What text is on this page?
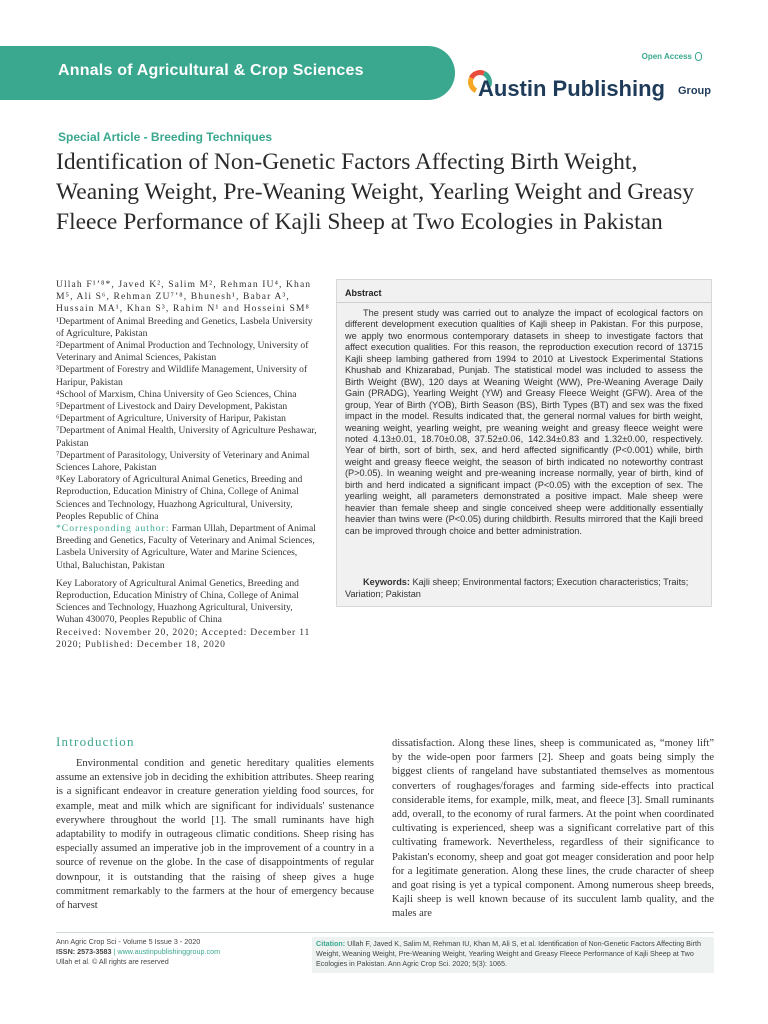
Annals of Agricultural & Crop Sciences
Open Access
Austin Publishing Group
Special Article - Breeding Techniques
Identification of Non-Genetic Factors Affecting Birth Weight, Weaning Weight, Pre-Weaning Weight, Yearling Weight and Greasy Fleece Performance of Kajli Sheep at Two Ecologies in Pakistan

Ullah F¹ʼ⁸*, Javed K², Salim M², Rehman IU⁴, Khan M⁵, Ali S⁶, Rehman ZU⁷ʼ⁸, Bhunesh¹, Babar A³, Hussain MA¹, Khan S³, Rahim N¹ and Hosseini SM⁸

¹Department of Animal Breeding and Genetics, Lasbela University of Agriculture, Pakistan

²Department of Animal Production and Technology, University of Veterinary and Animal Sciences, Pakistan

³Department of Forestry and Wildlife Management, University of Haripur, Pakistan

⁴School of Marxism, China University of Geo Sciences, China

⁵Department of Livestock and Dairy Development, Pakistan

⁶Department of Agriculture, University of Haripur, Pakistan

⁷Department of Animal Health, University of Agriculture Peshawar, Pakistan

⁷Department of Parasitology, University of Veterinary and Animal Sciences Lahore, Pakistan

⁸Key Laboratory of Agricultural Animal Genetics, Breeding and Reproduction, Education Ministry of China, College of Animal Sciences and Technology, Huazhong Agricultural, University, Peoples Republic of China

*Corresponding author: Farman Ullah, Department of Animal Breeding and Genetics, Faculty of Veterinary and Animal Sciences, Lasbela University of Agriculture, Water and Marine Sciences, Uthal, Baluchistan, Pakistan

Key Laboratory of Agricultural Animal Genetics, Breeding and Reproduction, Education Ministry of China, College of Animal Sciences and Technology, Huazhong Agricultural, University, Wuhan 430070, Peoples Republic of China

Received: November 20, 2020; Accepted: December 11 2020; Published: December 18, 2020

Abstract
The present study was carried out to analyze the impact of ecological factors on different development execution qualities of Kajli sheep in Pakistan. For this purpose, we apply two enormous contemporary datasets in sheep to investigate factors that affect execution qualities. For this reason, the reproduction execution record of 13715 Kajli sheep lambing gathered from 1994 to 2010 at Livestock Experimental Stations Khushab and Khizarabad, Punjab. The statistical model was included to assess the Birth Weight (BW), 120 days at Weaning Weight (WW), Pre-Weaning Average Daily Gain (PRADG), Yearling Weight (YW) and Greasy Fleece Weight (GFW). Area of the group, Year of Birth (YOB), Birth Season (BS), Birth Types (BT) and sex was the fixed impact in the model. Results indicated that, the general normal values for birth weight, weaning weight, yearling weight, pre weaning weight and greasy fleece weight were noted 4.13±0.01, 18.70±0.08, 37.52±0.06, 142.34±0.83 and 1.32±0.00, respectively. Year of birth, sort of birth, sex, and herd affected significantly (P<0.001) while, birth weight and greasy fleece weight, the season of birth indicated no noteworthy contrast (P>0.05). In weaning weight and pre-weaning increase normally, year of birth, kind of birth and herd indicated a significant impact (P<0.05) with the exception of sex. The yearling weight, all parameters demonstrated a positive impact. Male sheep were heavier than female sheep and single conceived sheep were additionally essentially heavier than twins were (P<0.05) during childbirth. Results mirrored that the Kajli breed can be improved through choice and better administration.
Keywords: Kajli sheep; Environmental factors; Execution characteristics; Traits; Variation; Pakistan
Introduction
Environmental condition and genetic hereditary qualities elements assume an extensive job in deciding the exhibition attributes. Sheep rearing is a significant endeavor in creature generation yielding food sources, for example, meat and milk which are significant for individuals' sustenance everywhere throughout the world [1]. The small ruminants have high adaptability to modify in outrageous climatic conditions. Sheep rising has especially assumed an imperative job in the improvement of a country in a source of revenue on the globe. In the case of disappointments of regular downpour, it is outstanding that the raising of sheep gives a huge commitment remarkably to the farmers at the hour of emergency because of harvest
dissatisfaction. Along these lines, sheep is communicated as, “money lift” by the wide-open poor farmers [2]. Sheep and goats being simply the biggest clients of rangeland have substantiated themselves as momentous converters of roughages/forages and farming side-effects into practical considerable items, for example, milk, meat, and fleece [3]. Small ruminants add, overall, to the economy of rural farmers. At the point when coordinated cultivating is experienced, sheep was a significant correlative part of this cultivating framework. Nevertheless, regardless of their significance to Pakistan's economy, sheep and goat got meager consideration and poor help for a legitimate generation. Along these lines, the crude character of sheep and goat rising is yet a typical component. Among numerous sheep breeds, Kajli sheep is well known because of its succulent lamb quality, and the males are
Ann Agric Crop Sci - Volume 5 Issue 3 - 2020
ISSN: 2573-3583 | www.austinpublishinggroup.com
Ullah et al. © All rights are reserved
Citation: Ullah F, Javed K, Salim M, Rehman IU, Khan M, Ali S, et al. Identification of Non-Genetic Factors Affecting Birth Weight, Weaning Weight, Pre-Weaning Weight, Yearling Weight and Greasy Fleece Performance of Kajli Sheep at Two Ecologies in Pakistan. Ann Agric Crop Sci. 2020; 5(3): 1065.
